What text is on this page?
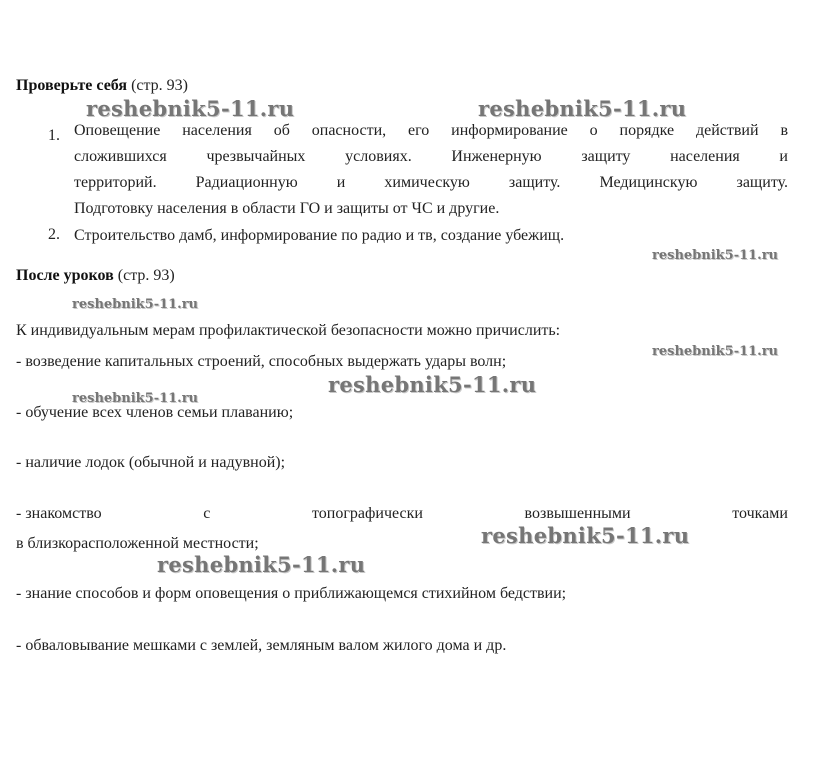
Проверьте себя (стр. 93)
1. Оповещение населения об опасности, его информирование о порядке действий в
сложившихся чрезвычайных условиях. Инженерную защиту населения и
территорий. Радиационную и химическую защиту. Медицинскую защиту.
Подготовку населения в области ГО и защиты от ЧС и другие.
2. Строительство дамб, информирование по радио и тв, создание убежищ.
После уроков (стр. 93)
К индивидуальным мерам профилактической безопасности можно причислить:
- возведение капитальных строений, способных выдержать удары волн;
- обучение всех членов семьи плаванию;
- наличие лодок (обычной и надувной);
- знакомство	с	топографически	возвышенными	точками
в близкорасположенной местности;
- знание способов и форм оповещения о приближающемся стихийном бедствии;
- обваловывание мешками с землей, земляным валом жилого дома и др.
reshebnik5-11.ru	reshebnik5-11.ru
reshebnik5-11.ru
reshebnik5-11.ru
reshebnik5-11.ru
reshebnik5-11.ru
reshebnik5-11.ru
reshebnik5-11.ru
reshebnik5-11.ru
